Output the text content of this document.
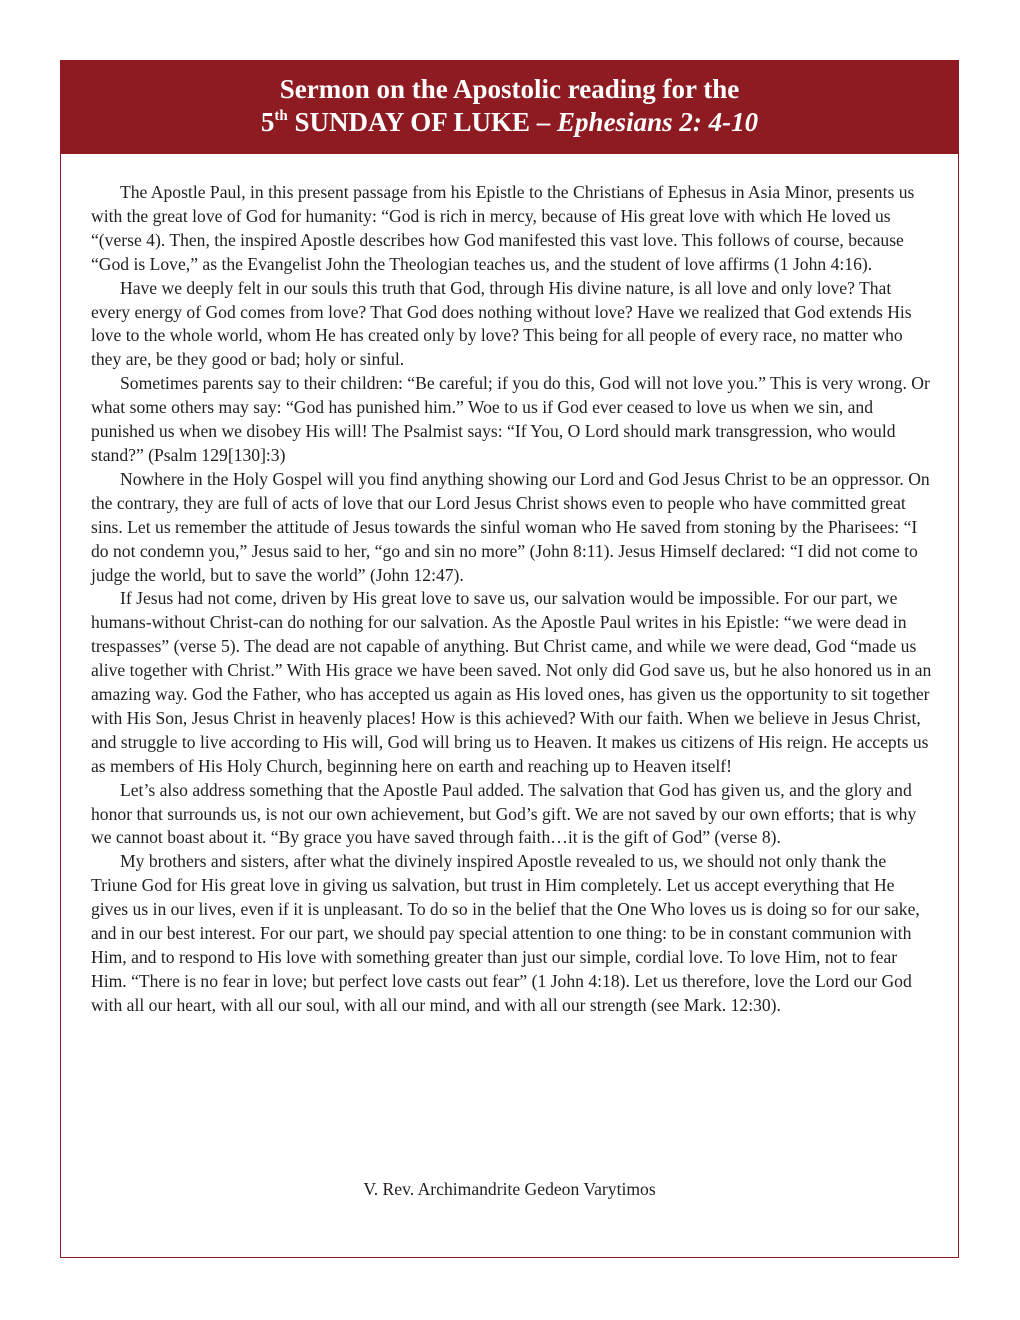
Sermon on the Apostolic reading for the
5th SUNDAY OF LUKE – Ephesians 2: 4-10

The Apostle Paul, in this present passage from his Epistle to the Christians of Ephesus in Asia Minor, presents us with the great love of God for humanity: “God is rich in mercy, because of His great love with which He loved us “(verse 4). Then, the inspired Apostle describes how God manifested this vast love. This follows of course, because “God is Love,” as the Evangelist John the Theologian teaches us, and the student of love affirms (1 John 4:16).

Have we deeply felt in our souls this truth that God, through His divine nature, is all love and only love? That every energy of God comes from love? That God does nothing without love? Have we realized that God extends His love to the whole world, whom He has created only by love? This being for all people of every race, no matter who they are, be they good or bad; holy or sinful.

Sometimes parents say to their children: “Be careful; if you do this, God will not love you.” This is very wrong. Or what some others may say: “God has punished him.” Woe to us if God ever ceased to love us when we sin, and punished us when we disobey His will! The Psalmist says: “If You, O Lord should mark transgression, who would stand?” (Psalm 129[130]:3)

Nowhere in the Holy Gospel will you find anything showing our Lord and God Jesus Christ to be an oppressor. On the contrary, they are full of acts of love that our Lord Jesus Christ shows even to people who have committed great sins. Let us remember the attitude of Jesus towards the sinful woman who He saved from stoning by the Pharisees: “I do not condemn you,” Jesus said to her, “go and sin no more” (John 8:11). Jesus Himself declared: “I did not come to judge the world, but to save the world” (John 12:47).

If Jesus had not come, driven by His great love to save us, our salvation would be impossible. For our part, we humans-without Christ-can do nothing for our salvation. As the Apostle Paul writes in his Epistle: “we were dead in trespasses” (verse 5). The dead are not capable of anything. But Christ came, and while we were dead, God “made us alive together with Christ.” With His grace we have been saved. Not only did God save us, but he also honored us in an amazing way. God the Father, who has accepted us again as His loved ones, has given us the opportunity to sit together with His Son, Jesus Christ in heavenly places! How is this achieved? With our faith. When we believe in Jesus Christ, and struggle to live according to His will, God will bring us to Heaven. It makes us citizens of His reign. He accepts us as members of His Holy Church, beginning here on earth and reaching up to Heaven itself!

Let’s also address something that the Apostle Paul added. The salvation that God has given us, and the glory and honor that surrounds us, is not our own achievement, but God’s gift. We are not saved by our own efforts; that is why we cannot boast about it. “By grace you have saved through faith…it is the gift of God” (verse 8).

My brothers and sisters, after what the divinely inspired Apostle revealed to us, we should not only thank the Triune God for His great love in giving us salvation, but trust in Him completely. Let us accept everything that He gives us in our lives, even if it is unpleasant. To do so in the belief that the One Who loves us is doing so for our sake, and in our best interest. For our part, we should pay special attention to one thing: to be in constant communion with Him, and to respond to His love with something greater than just our simple, cordial love. To love Him, not to fear Him. “There is no fear in love; but perfect love casts out fear” (1 John 4:18). Let us therefore, love the Lord our God with all our heart, with all our soul, with all our mind, and with all our strength (see Mark. 12:30).

V. Rev. Archimandrite Gedeon Varytimos
